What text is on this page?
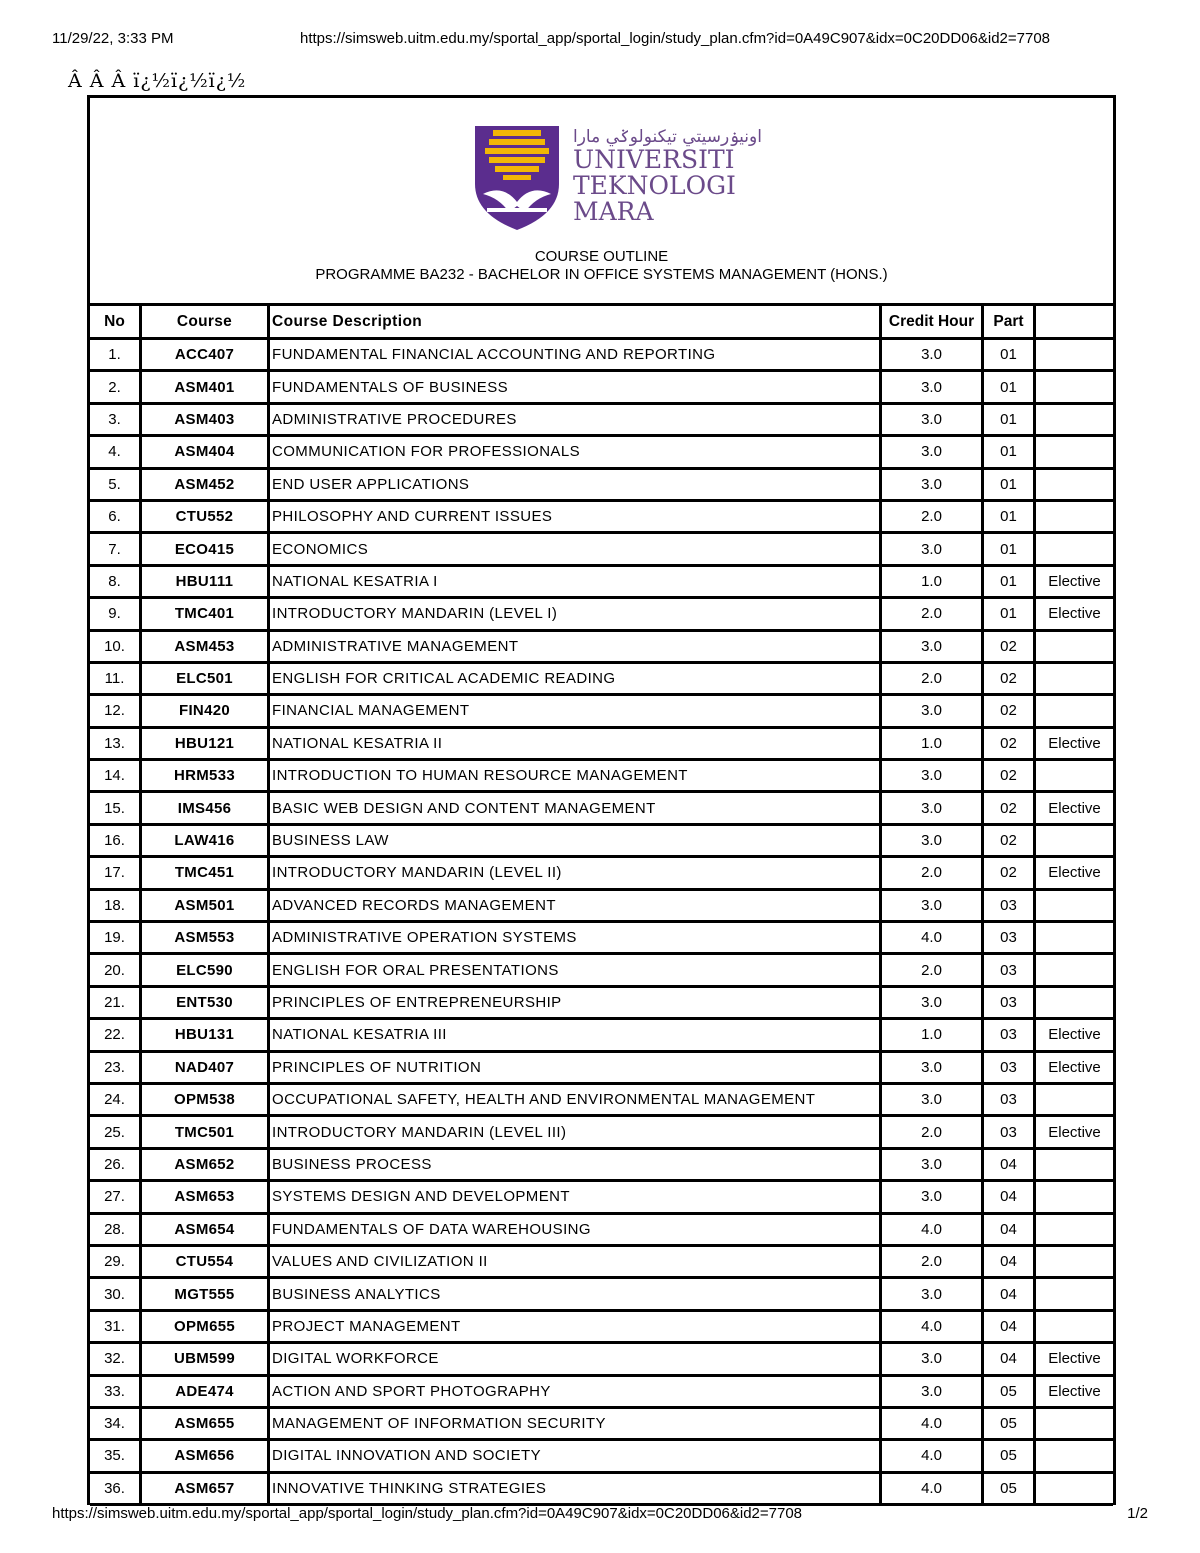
11/29/22, 3:33 PM	https://simsweb.uitm.edu.my/sportal_app/sportal_login/study_plan.cfm?id=0A49C907&idx=0C20DD06&id2=7708
Â Â Â ï¿½ï¿½ï¿½
اونيۏرسيتي تيكنولوݢي مارا
UNIVERSITI
TEKNOLOGI
MARA
COURSE OUTLINE
PROGRAMME BA232 - BACHELOR IN OFFICE SYSTEMS MANAGEMENT (HONS.)
No	Course	Course Description	Credit Hour	Part	
1.	ACC407	FUNDAMENTAL FINANCIAL ACCOUNTING AND REPORTING	3.0	01	
2.	ASM401	FUNDAMENTALS OF BUSINESS	3.0	01	
3.	ASM403	ADMINISTRATIVE PROCEDURES	3.0	01	
4.	ASM404	COMMUNICATION FOR PROFESSIONALS	3.0	01	
5.	ASM452	END USER APPLICATIONS	3.0	01	
6.	CTU552	PHILOSOPHY AND CURRENT ISSUES	2.0	01	
7.	ECO415	ECONOMICS	3.0	01	
8.	HBU111	NATIONAL KESATRIA I	1.0	01	Elective
9.	TMC401	INTRODUCTORY MANDARIN (LEVEL I)	2.0	01	Elective
10.	ASM453	ADMINISTRATIVE MANAGEMENT	3.0	02	
11.	ELC501	ENGLISH FOR CRITICAL ACADEMIC READING	2.0	02	
12.	FIN420	FINANCIAL MANAGEMENT	3.0	02	
13.	HBU121	NATIONAL KESATRIA II	1.0	02	Elective
14.	HRM533	INTRODUCTION TO HUMAN RESOURCE MANAGEMENT	3.0	02	
15.	IMS456	BASIC WEB DESIGN AND CONTENT MANAGEMENT	3.0	02	Elective
16.	LAW416	BUSINESS LAW	3.0	02	
17.	TMC451	INTRODUCTORY MANDARIN (LEVEL II)	2.0	02	Elective
18.	ASM501	ADVANCED RECORDS MANAGEMENT	3.0	03	
19.	ASM553	ADMINISTRATIVE OPERATION SYSTEMS	4.0	03	
20.	ELC590	ENGLISH FOR ORAL PRESENTATIONS	2.0	03	
21.	ENT530	PRINCIPLES OF ENTREPRENEURSHIP	3.0	03	
22.	HBU131	NATIONAL KESATRIA III	1.0	03	Elective
23.	NAD407	PRINCIPLES OF NUTRITION	3.0	03	Elective
24.	OPM538	OCCUPATIONAL SAFETY, HEALTH AND ENVIRONMENTAL MANAGEMENT	3.0	03	
25.	TMC501	INTRODUCTORY MANDARIN (LEVEL III)	2.0	03	Elective
26.	ASM652	BUSINESS PROCESS	3.0	04	
27.	ASM653	SYSTEMS DESIGN AND DEVELOPMENT	3.0	04	
28.	ASM654	FUNDAMENTALS OF DATA WAREHOUSING	4.0	04	
29.	CTU554	VALUES AND CIVILIZATION II	2.0	04	
30.	MGT555	BUSINESS ANALYTICS	3.0	04	
31.	OPM655	PROJECT MANAGEMENT	4.0	04	
32.	UBM599	DIGITAL WORKFORCE	3.0	04	Elective
33.	ADE474	ACTION AND SPORT PHOTOGRAPHY	3.0	05	Elective
34.	ASM655	MANAGEMENT OF INFORMATION SECURITY	4.0	05	
35.	ASM656	DIGITAL INNOVATION AND SOCIETY	4.0	05	
36.	ASM657	INNOVATIVE THINKING STRATEGIES	4.0	05	
https://simsweb.uitm.edu.my/sportal_app/sportal_login/study_plan.cfm?id=0A49C907&idx=0C20DD06&id2=7708	1/2
